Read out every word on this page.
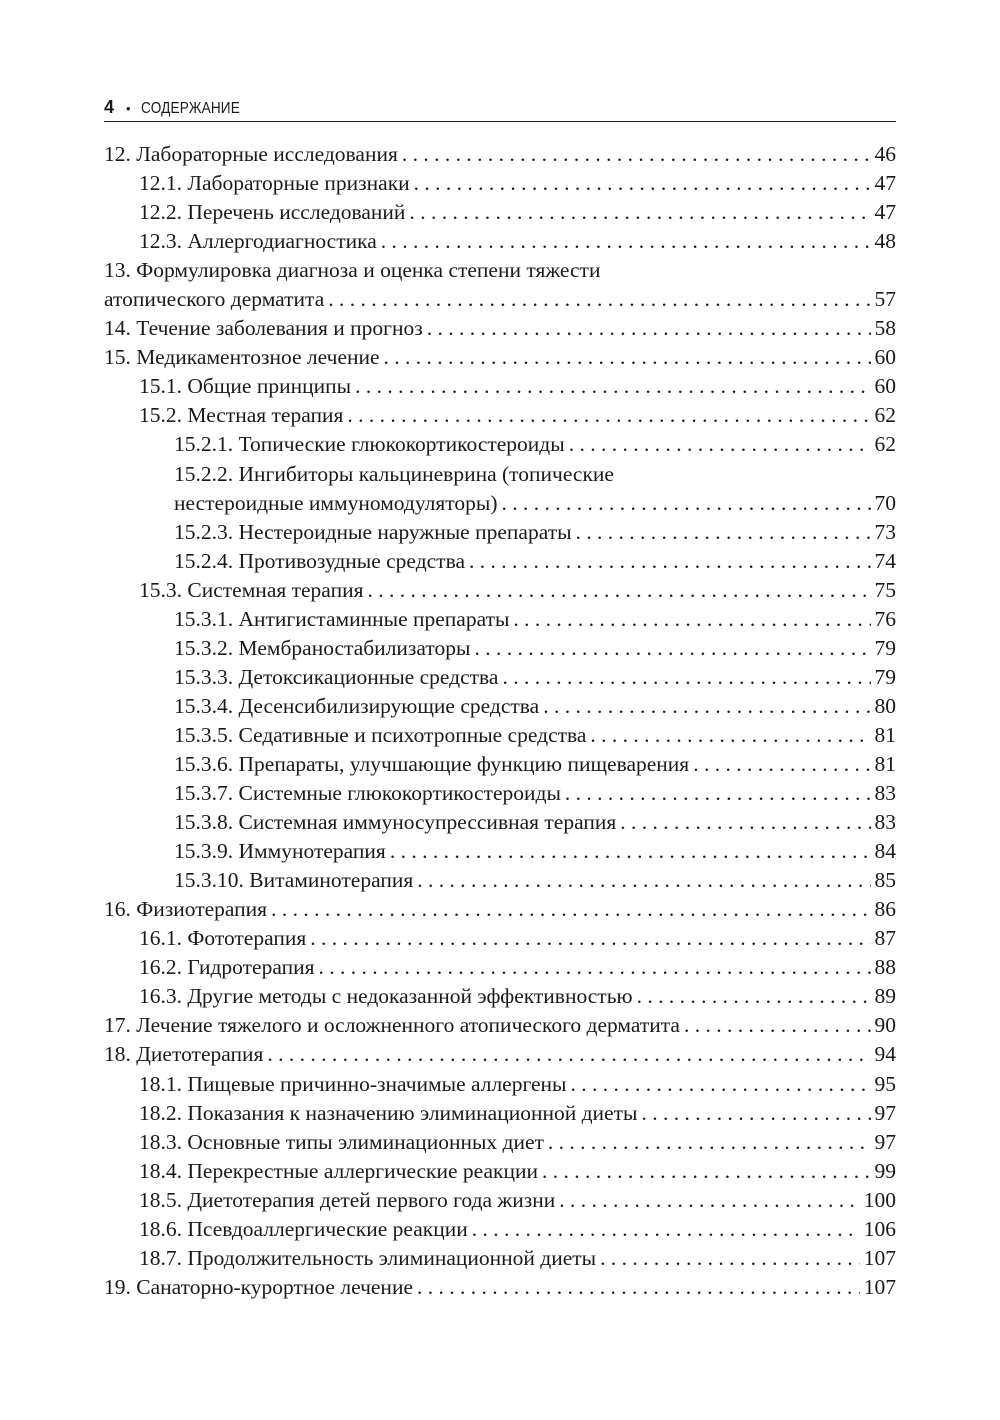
4 • СОДЕРЖАНИЕ
12. Лабораторные исследования . . .	46
12.1. Лабораторные признаки . . .	47
12.2. Перечень исследований . . .	47
12.3. Аллергодиагностика . . .	48
13. Формулировка диагноза и оценка степени тяжести
атопического дерматита . . .	57
14. Течение заболевания и прогноз . . .	58
15. Медикаментозное лечение . . .	60
15.1. Общие принципы . . .	60
15.2. Местная терапия . . .	62
15.2.1. Топические глюкокортикостероиды . . .	62
15.2.2. Ингибиторы кальциневрина (топические
нестероидные иммуномодуляторы) . . .	70
15.2.3. Нестероидные наружные препараты . . .	73
15.2.4. Противозудные средства . . .	74
15.3. Системная терапия . . .	75
15.3.1. Антигистаминные препараты . . .	76
15.3.2. Мембраностабилизаторы . . .	79
15.3.3. Детоксикационные средства . . .	79
15.3.4. Десенсибилизирующие средства . . .	80
15.3.5. Седативные и психотропные средства . . .	81
15.3.6. Препараты, улучшающие функцию пищеварения . . .	81
15.3.7. Системные глюкокортикостероиды . . .	83
15.3.8. Системная иммуносупрессивная терапия . . .	83
15.3.9. Иммунотерапия . . .	84
15.3.10. Витаминотерапия . . .	85
16. Физиотерапия . . .	86
16.1. Фототерапия . . .	87
16.2. Гидротерапия . . .	88
16.3. Другие методы с недоказанной эффективностью . . .	89
17. Лечение тяжелого и осложненного атопического дерматита . . .	90
18. Диетотерапия . . .	94
18.1. Пищевые причинно-значимые аллергены . . .	95
18.2. Показания к назначению элиминационной диеты . . .	97
18.3. Основные типы элиминационных диет . . .	97
18.4. Перекрестные аллергические реакции . . .	99
18.5. Диетотерапия детей первого года жизни . . .	100
18.6. Псевдоаллергические реакции . . .	106
18.7. Продолжительность элиминационной диеты . . .	107
19. Санаторно-курортное лечение . . .	107
